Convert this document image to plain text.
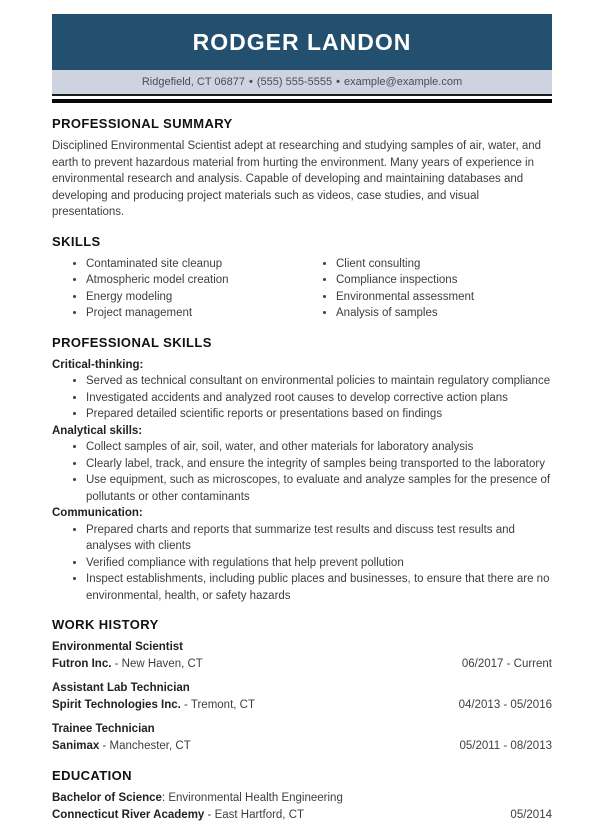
RODGER LANDON
Ridgefield, CT 06877 • (555) 555-5555 • example@example.com
PROFESSIONAL SUMMARY

Disciplined Environmental Scientist adept at researching and studying samples of air, water, and earth to prevent hazardous material from hurting the environment. Many years of experience in environmental research and analysis. Capable of developing and maintaining databases and developing and producing project materials such as videos, case studies, and visual presentations.

SKILLS
• Contaminated site cleanup
• Atmospheric model creation
• Energy modeling
• Project management
• Client consulting
• Compliance inspections
• Environmental assessment
• Analysis of samples
PROFESSIONAL SKILLS
Critical-thinking:
• Served as technical consultant on environmental policies to maintain regulatory compliance
• Investigated accidents and analyzed root causes to develop corrective action plans
• Prepared detailed scientific reports or presentations based on findings
Analytical skills:
• Collect samples of air, soil, water, and other materials for laboratory analysis
• Clearly label, track, and ensure the integrity of samples being transported to the laboratory
• Use equipment, such as microscopes, to evaluate and analyze samples for the presence of pollutants or other contaminants
Communication:
• Prepared charts and reports that summarize test results and discuss test results and analyses with clients
• Verified compliance with regulations that help prevent pollution
• Inspect establishments, including public places and businesses, to ensure that there are no environmental, health, or safety hazards
WORK HISTORY
Environmental Scientist
Futron Inc. - New Haven, CT	06/2017 - Current
Assistant Lab Technician
Spirit Technologies Inc. - Tremont, CT	04/2013 - 05/2016
Trainee Technician
Sanimax - Manchester, CT	05/2011 - 08/2013
EDUCATION
Bachelor of Science: Environmental Health Engineering
Connecticut River Academy - East Hartford, CT	05/2014
